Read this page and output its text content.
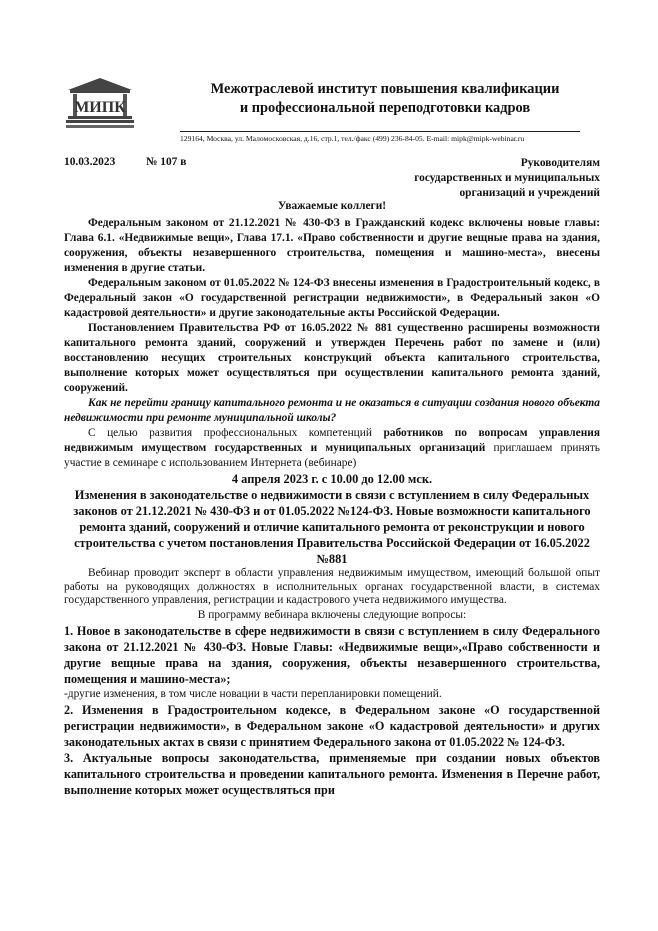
МИПК
Межотраслевой институт повышения квалификации
и профессиональной переподготовки кадров
129164, Москва, ул. Маломосковская, д.16, стр.1, тел./факс (499) 236-84-05. E-mail: mipk@mipk-webinar.ru
10.03.2023	№ 107 в	Руководителям
государственных и муниципальных
организаций и учреждений
Уважаемые коллеги!

Федеральным законом от 21.12.2021 № 430-ФЗ в Гражданский кодекс включены новые главы: Глава 6.1. «Недвижимые вещи», Глава 17.1. «Право собственности и другие вещные права на здания, сооружения, объекты незавершенного строительства, помещения и машино-места», внесены изменения в другие статьи.

Федеральным законом от 01.05.2022 № 124-ФЗ внесены изменения в Градостроительный кодекс, в Федеральный закон «О государственной регистрации недвижимости», в Федеральный закон «О кадастровой деятельности» и другие законодательные акты Российской Федерации.

Постановлением Правительства РФ от 16.05.2022 № 881 существенно расширены возможности капитального ремонта зданий, сооружений и утвержден Перечень работ по замене и (или) восстановлению несущих строительных конструкций объекта капитального строительства, выполнение которых может осуществляться при осуществлении капитального ремонта зданий, сооружений.

Как не перейти границу капитального ремонта и не оказаться в ситуации создания нового объекта недвижимости при ремонте муниципальной школы?

С целью развития профессиональных компетенций работников по вопросам управления недвижимым имуществом государственных и муниципальных организаций приглашаем принять участие в семинаре с использованием Интернета (вебинаре)

4 апреля 2023 г. с 10.00 до 12.00 мск.

Изменения в законодательстве о недвижимости в связи с вступлением в силу Федеральных законов от 21.12.2021 № 430-ФЗ и от 01.05.2022 №124-ФЗ. Новые возможности капитального ремонта зданий, сооружений и отличие капитального ремонта от реконструкции и нового строительства с учетом постановления Правительства Российской Федерации от 16.05.2022 №881

Вебинар проводит эксперт в области управления недвижимым имуществом, имеющий большой опыт работы на руководящих должностях в исполнительных органах государственной власти, в системах государственного управления, регистрации и кадастрового учета недвижимого имущества.

В программу вебинара включены следующие вопросы:

1. Новое в законодательстве в сфере недвижимости в связи с вступлением в силу Федерального закона от 21.12.2021 № 430-ФЗ. Новые Главы: «Недвижимые вещи»,«Право собственности и другие вещные права на здания, сооружения, объекты незавершенного строительства, помещения и машино-места»;

-другие изменения, в том числе новации в части перепланировки помещений.

2. Изменения в Градостроительном кодексе, в Федеральном законе «О государственной регистрации недвижимости», в Федеральном законе «О кадастровой деятельности» и других законодательных актах в связи с принятием Федерального закона от 01.05.2022 № 124-ФЗ.

3. Актуальные вопросы законодательства, применяемые при создании новых объектов капитального строительства и проведении капитального ремонта. Изменения в Перечне работ, выполнение которых может осуществляться при
